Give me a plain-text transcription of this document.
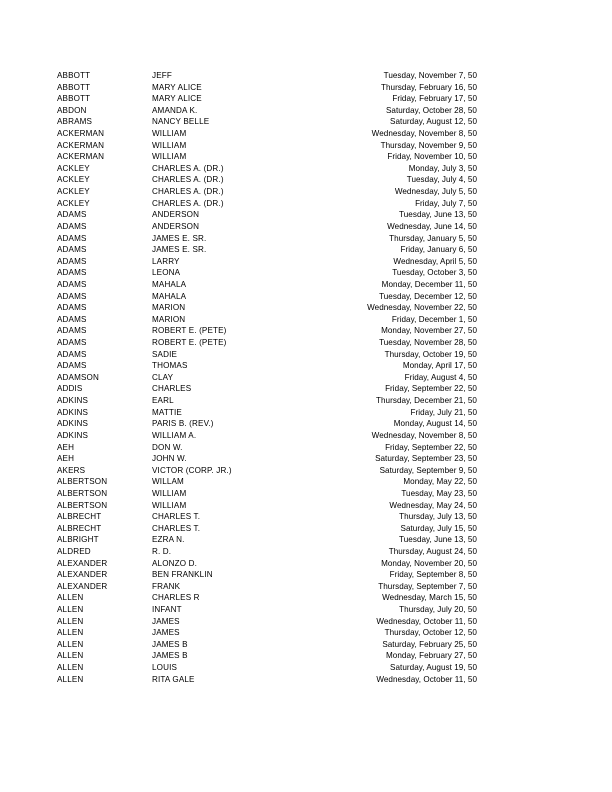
ABBOTT	JEFF	Tuesday, November 7, 50
ABBOTT	MARY ALICE	Thursday, February 16, 50
ABBOTT	MARY ALICE	Friday, February 17, 50
ABDON	AMANDA K.	Saturday, October 28, 50
ABRAMS	NANCY BELLE	Saturday, August 12, 50
ACKERMAN	WILLIAM	Wednesday, November 8, 50
ACKERMAN	WILLIAM	Thursday, November 9, 50
ACKERMAN	WILLIAM	Friday, November 10, 50
ACKLEY	CHARLES A. (DR.)	Monday, July 3, 50
ACKLEY	CHARLES A. (DR.)	Tuesday, July 4, 50
ACKLEY	CHARLES A. (DR.)	Wednesday, July 5, 50
ACKLEY	CHARLES A. (DR.)	Friday, July 7, 50
ADAMS	ANDERSON	Tuesday, June 13, 50
ADAMS	ANDERSON	Wednesday, June 14, 50
ADAMS	JAMES E. SR.	Thursday, January 5, 50
ADAMS	JAMES E. SR.	Friday, January 6, 50
ADAMS	LARRY	Wednesday, April 5, 50
ADAMS	LEONA	Tuesday, October 3, 50
ADAMS	MAHALA	Monday, December 11, 50
ADAMS	MAHALA	Tuesday, December 12, 50
ADAMS	MARION	Wednesday, November 22, 50
ADAMS	MARION	Friday, December 1, 50
ADAMS	ROBERT E. (PETE)	Monday, November 27, 50
ADAMS	ROBERT E. (PETE)	Tuesday, November 28, 50
ADAMS	SADIE	Thursday, October 19, 50
ADAMS	THOMAS	Monday, April 17, 50
ADAMSON	CLAY	Friday, August 4, 50
ADDIS	CHARLES	Friday, September 22, 50
ADKINS	EARL	Thursday, December 21, 50
ADKINS	MATTIE	Friday, July 21, 50
ADKINS	PARIS B. (REV.)	Monday, August 14, 50
ADKINS	WILLIAM A.	Wednesday, November 8, 50
AEH	DON W.	Friday, September 22, 50
AEH	JOHN W.	Saturday, September 23, 50
AKERS	VICTOR (CORP. JR.)	Saturday, September 9, 50
ALBERTSON	WILLAM	Monday, May 22, 50
ALBERTSON	WILLIAM	Tuesday, May 23, 50
ALBERTSON	WILLIAM	Wednesday, May 24, 50
ALBRECHT	CHARLES T.	Thursday, July 13, 50
ALBRECHT	CHARLES T.	Saturday, July 15, 50
ALBRIGHT	EZRA N.	Tuesday, June 13, 50
ALDRED	R. D.	Thursday, August 24, 50
ALEXANDER	ALONZO D.	Monday, November 20, 50
ALEXANDER	BEN FRANKLIN	Friday, September 8, 50
ALEXANDER	FRANK	Thursday, September 7, 50
ALLEN	CHARLES R	Wednesday, March 15, 50
ALLEN	INFANT	Thursday, July 20, 50
ALLEN	JAMES	Wednesday, October 11, 50
ALLEN	JAMES	Thursday, October 12, 50
ALLEN	JAMES B	Saturday, February 25, 50
ALLEN	JAMES B	Monday, February 27, 50
ALLEN	LOUIS	Saturday, August 19, 50
ALLEN	RITA GALE	Wednesday, October 11, 50
